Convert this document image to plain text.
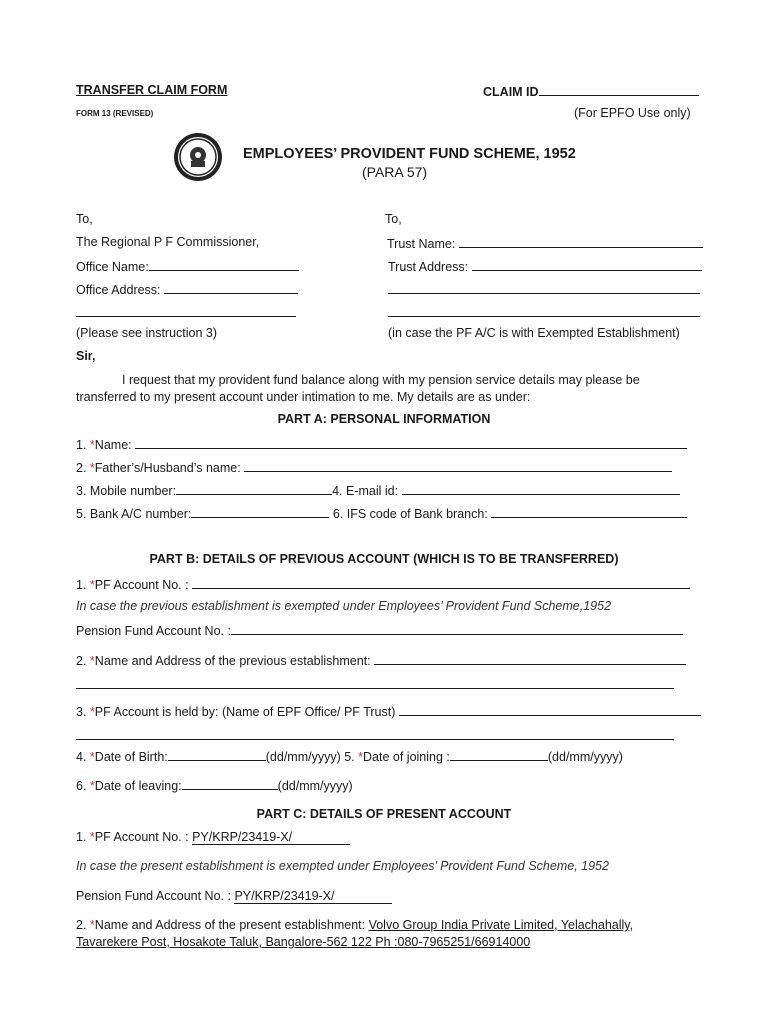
TRANSFER CLAIM FORM
FORM 13 (REVISED)
CLAIM ID
(For EPFO Use only)
EMPLOYEES’ PROVIDENT FUND SCHEME, 1952
(PARA 57)
To,	To,
The Regional P F Commissioner,	Trust Name:
Office Name:	Trust Address:
Office Address:
(Please see instruction 3)	(in case the PF A/C is with Exempted Establishment)
Sir,
I request that my provident fund balance along with my pension service details may please be
transferred to my present account under intimation to me. My details are as under:
PART A: PERSONAL INFORMATION
1. *Name:
2. *Father’s/Husband’s name:
3. Mobile number:	4. E-mail id:
5. Bank A/C number:	6. IFS code of Bank branch:
PART B: DETAILS OF PREVIOUS ACCOUNT (WHICH IS TO BE TRANSFERRED)
1. *PF Account No. :
In case the previous establishment is exempted under Employees’ Provident Fund Scheme,1952
Pension Fund Account No. :
2. *Name and Address of the previous establishment:
3. *PF Account is held by: (Name of EPF Office/ PF Trust)
4. *Date of Birth:	(dd/mm/yyyy) 5. *Date of joining :	(dd/mm/yyyy)
6. *Date of leaving:	(dd/mm/yyyy)
PART C: DETAILS OF PRESENT ACCOUNT
1. *PF Account No. : PY/KRP/23419-X/
In case the present establishment is exempted under Employees’ Provident Fund Scheme, 1952
Pension Fund Account No. : PY/KRP/23419-X/
2. *Name and Address of the present establishment: Volvo Group India Private Limited, Yelachahally,
Tavarekere Post, Hosakote Taluk, Bangalore-562 122 Ph :080-7965251/66914000
